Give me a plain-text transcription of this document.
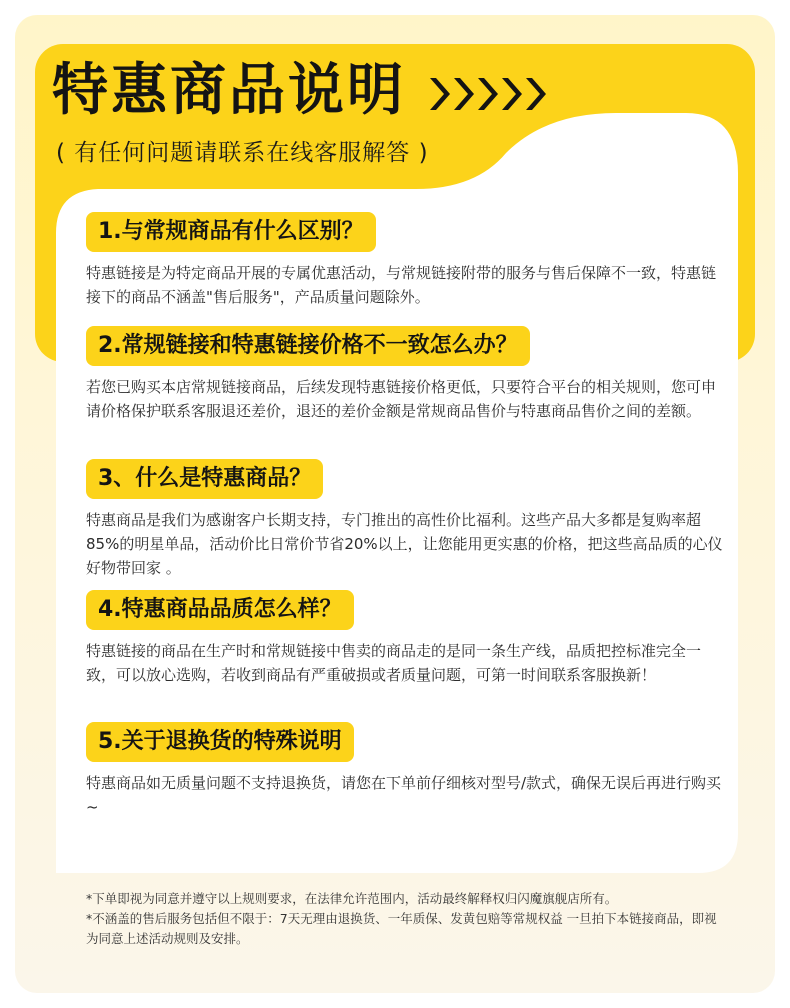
特惠商品说明
( 有任何问题请联系在线客服解答 )
1.与常规商品有什么区别？
特惠链接是为特定商品开展的专属优惠活动，与常规链接附带的服务与售后保障不一致，特惠链接下的商品不涵盖"售后服务"，产品质量问题除外。
2.常规链接和特惠链接价格不一致怎么办？
若您已购买本店常规链接商品，后续发现特惠链接价格更低，只要符合平台的相关规则，您可申请价格保护联系客服退还差价，退还的差价金额是常规商品售价与特惠商品售价之间的差额。
3、什么是特惠商品？
特惠商品是我们为感谢客户长期支持，专门推出的高性价比福利。这些产品大多都是复购率超85%的明星单品，活动价比日常价节省20%以上，让您能用更实惠的价格，把这些高品质的心仪好物带回家 。
4.特惠商品品质怎么样？
特惠链接的商品在生产时和常规链接中售卖的商品走的是同一条生产线，品质把控标准完全一致，可以放心选购，若收到商品有严重破损或者质量问题，可第一时间联系客服换新！
5.关于退换货的特殊说明
特惠商品如无质量问题不支持退换货，请您在下单前仔细核对型号/款式，确保无误后再进行购买~

*下单即视为同意并遵守以上规则要求，在法律允许范围内，活动最终解释权归闪魔旗舰店所有。

*不涵盖的售后服务包括但不限于：7天无理由退换货、一年质保、发黄包赔等常规权益 一旦拍下本链接商品，即视为同意上述活动规则及安排。
